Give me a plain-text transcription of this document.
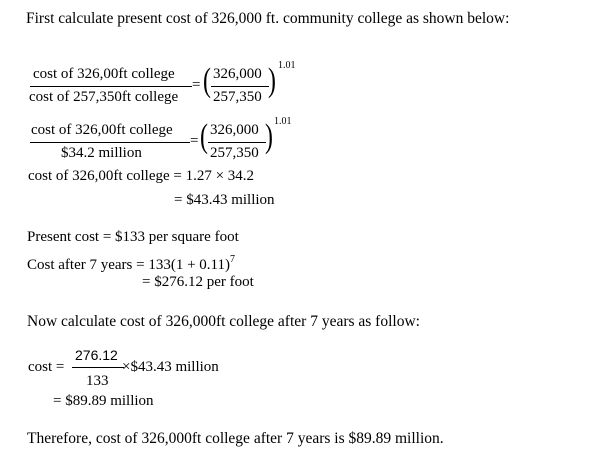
First calculate present cost of 326,000 ft. community college as shown below:
cost of 326,00ft college
cost of 257,350ft college
= ( 326,000
257,350 ) 1.01
cost of 326,00ft college
$34.2 million
= ( 326,000
257,350 ) 1.01
cost of 326,00ft college = 1.27 × 34.2
= $43.43 million
Present cost = $133 per square foot
Cost after 7 years = $133(1 + 0.11)^7$
= $276.12 per foot
Now calculate cost of 326,000ft college after 7 years as follow:
cost =
276.12
133
×$43.43 million
= $89.89 million
Therefore, cost of 326,000ft college after 7 years is $89.89 million.
